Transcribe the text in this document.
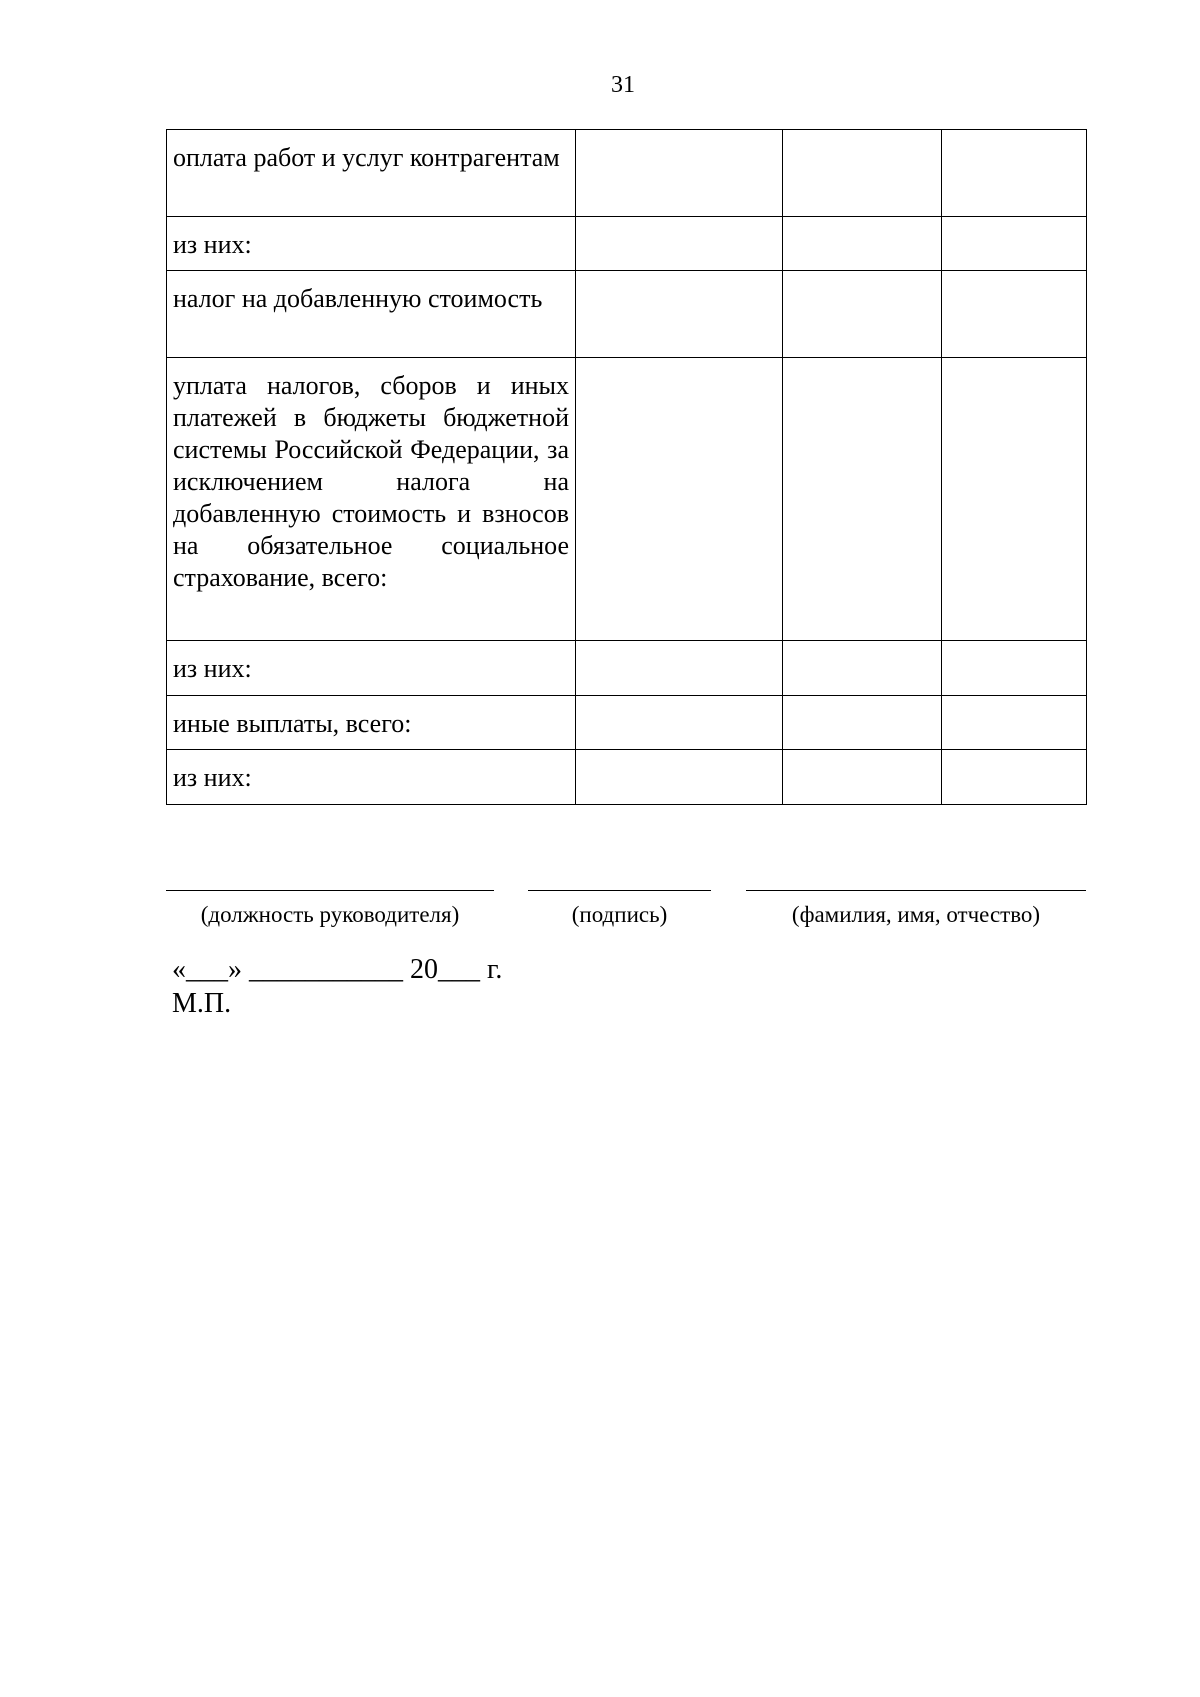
31
оплата работ и услуг контрагентам			
из них:			
налог на добавленную стоимость			
уплата налогов, сборов и иных платежей в бюджеты бюджетной системы Российской Федерации, за исключением налога на добавленную стоимость и взносов на обязательное социальное страхование, всего:			
из них:			
иные выплаты, всего:			
из них:			
(должность руководителя)	(подпись)	(фамилия, имя, отчество)
«___» ___________ 20___ г.
М.П.
